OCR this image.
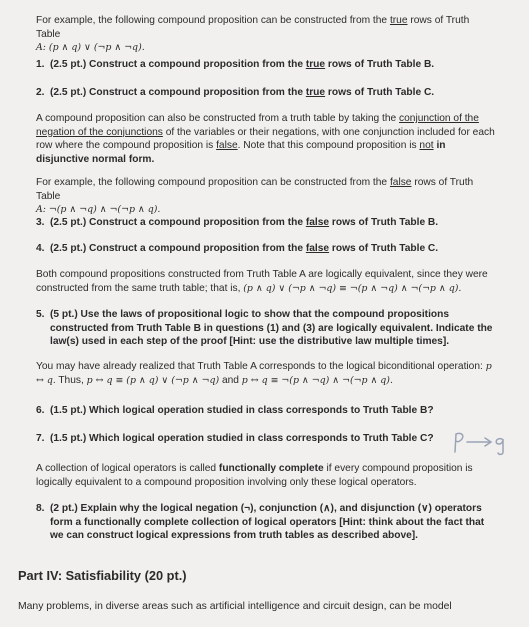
For example, the following compound proposition can be constructed from the true rows of Truth Table

A: (p ∧ q) ∨ (¬p ∧ ¬q).

1. (2.5 pt.) Construct a compound proposition from the true rows of Truth Table B.
2. (2.5 pt.) Construct a compound proposition from the true rows of Truth Table C.

A compound proposition can also be constructed from a truth table by taking the conjunction of the negation of the conjunctions of the variables or their negations, with one conjunction included for each row where the compound proposition is false. Note that this compound proposition is not in disjunctive normal form.

For example, the following compound proposition can be constructed from the false rows of Truth Table

A: ¬(p ∧ ¬q) ∧ ¬(¬p ∧ q).

3. (2.5 pt.) Construct a compound proposition from the false rows of Truth Table B.
4. (2.5 pt.) Construct a compound proposition from the false rows of Truth Table C.

Both compound propositions constructed from Truth Table A are logically equivalent, since they were constructed from the same truth table; that is, (p ∧ q) ∨ (¬p ∧ ¬q) ≡ ¬(p ∧ ¬q) ∧ ¬(¬p ∧ q).

5. (5 pt.) Use the laws of propositional logic to show that the compound propositions constructed from Truth Table B in questions (1) and (3) are logically equivalent. Indicate the law(s) used in each step of the proof [Hint: use the distributive law multiple times].

You may have already realized that Truth Table A corresponds to the logical biconditional operation: p ↔ q. Thus, p ↔ q ≡ (p ∧ q) ∨ (¬p ∧ ¬q) and p ↔ q ≡ ¬(p ∧ ¬q) ∧ ¬(¬p ∧ q).

6. (1.5 pt.) Which logical operation studied in class corresponds to Truth Table B?
7. (1.5 pt.) Which logical operation studied in class corresponds to Truth Table C?

A collection of logical operators is called functionally complete if every compound proposition is logically equivalent to a compound proposition involving only these logical operators.

8. (2 pt.) Explain why the logical negation (¬), conjunction (∧), and disjunction (∨) operators form a functionally complete collection of logical operators [Hint: think about the fact that we can construct logical expressions from truth tables as described above].
Part IV: Satisfiability (20 pt.)
Many problems, in diverse areas such as artificial intelligence and circuit design, can be model
